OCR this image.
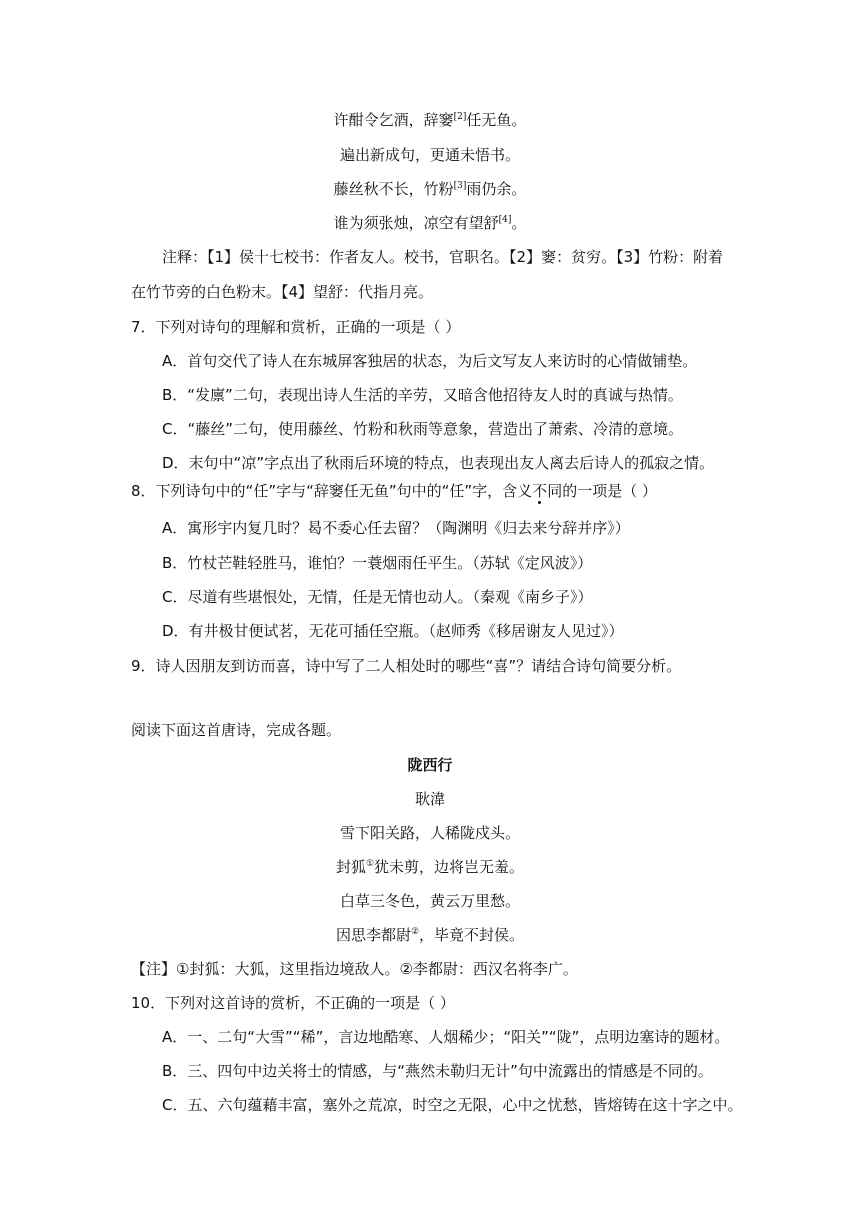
许酣令乞酒，辞窭[2]任无鱼。
遍出新成句，更通未悟书。
藤丝秋不长，竹粉[3]雨仍余。
谁为须张烛，凉空有望舒[4]。
注释：【1】侯十七校书：作者友人。校书，官职名。【2】窭：贫穷。【3】竹粉：附着
在竹节旁的白色粉末。【4】望舒：代指月亮。
7．下列对诗句的理解和赏析，正确的一项是（ ）
A．首句交代了诗人在东城屏客独居的状态，为后文写友人来访时的心情做铺垫。
B．“发廪”二句，表现出诗人生活的辛劳，又暗含他招待友人时的真诚与热情。
C．“藤丝”二句，使用藤丝、竹粉和秋雨等意象，营造出了萧索、冷清的意境。
D．末句中“凉”字点出了秋雨后环境的特点，也表现出友人离去后诗人的孤寂之情。
8．下列诗句中的“任”字与“辞窭任无鱼”句中的“任”字，含义不同的一项是（ ）
A．寓形宇内复几时？曷不委心任去留？（陶渊明《归去来兮辞并序》）
B．竹杖芒鞋轻胜马，谁怕？一蓑烟雨任平生。（苏轼《定风波》）
C．尽道有些堪恨处，无情，任是无情也动人。（秦观《南乡子》）
D．有井极甘便试茗，无花可插任空瓶。（赵师秀《移居谢友人见过》）
9．诗人因朋友到访而喜，诗中写了二人相处时的哪些“喜”？请结合诗句简要分析。
阅读下面这首唐诗，完成各题。
陇西行
耿湋
雪下阳关路，人稀陇戍头。
封狐①犹未剪，边将岂无羞。
白草三冬色，黄云万里愁。
因思李都尉②，毕竟不封侯。
【注】①封狐：大狐，这里指边境敌人。②李都尉：西汉名将李广。
10．下列对这首诗的赏析，不正确的一项是（ ）
A．一、二句“大雪”“稀”，言边地酷寒、人烟稀少；“阳关”“陇”，点明边塞诗的题材。
B．三、四句中边关将士的情感，与“燕然未勒归无计”句中流露出的情感是不同的。
C．五、六句蕴藉丰富，塞外之荒凉，时空之无限，心中之忧愁，皆熔铸在这十字之中。
